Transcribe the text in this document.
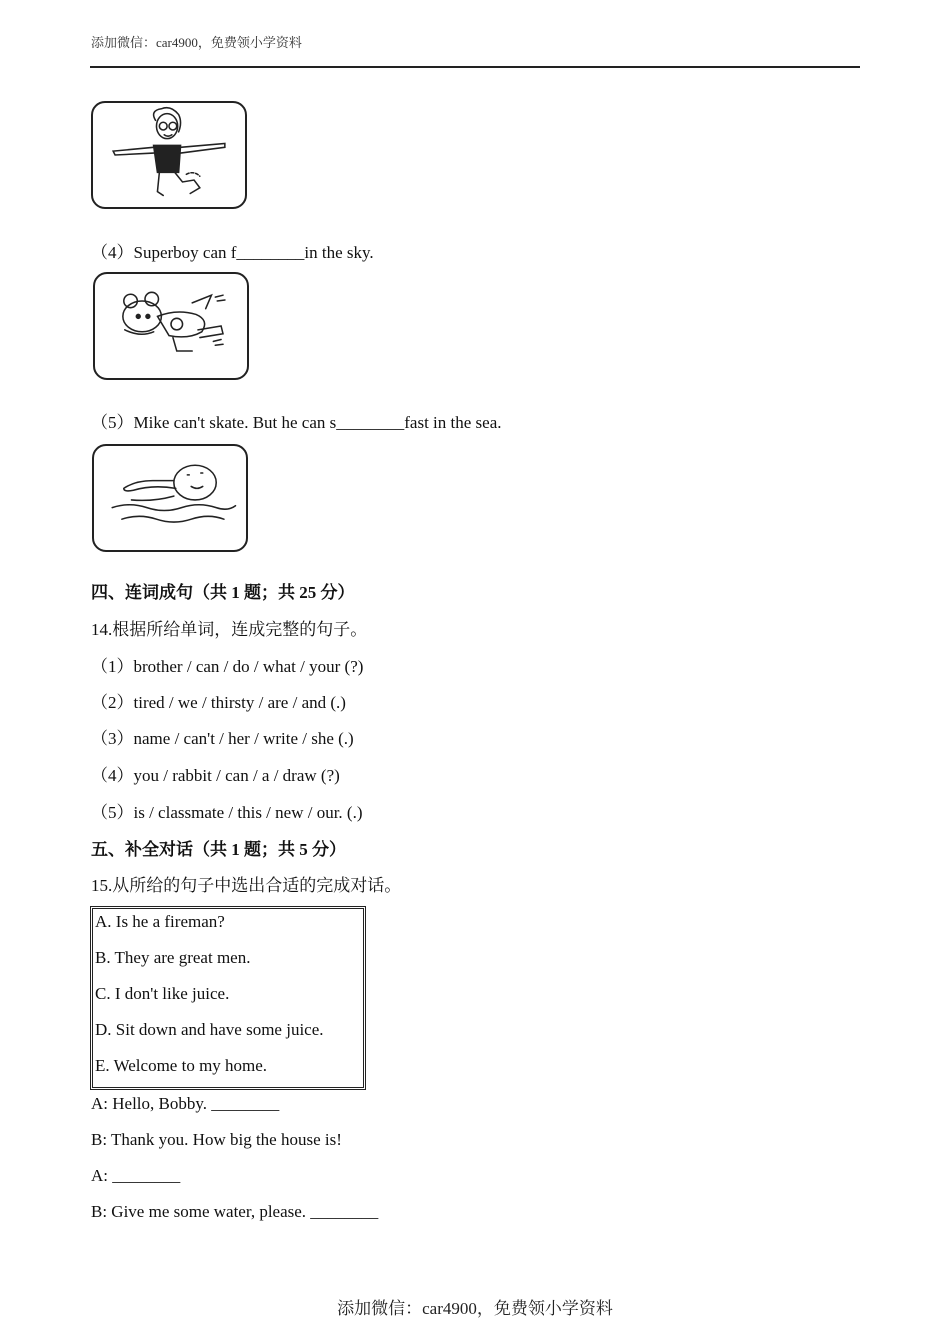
添加微信：car4900，免费领小学资料
（4）Superboy can f________in the sky.
（5）Mike can't skate. But he can s________fast in the sea.
四、连词成句（共 1 题；共 25 分）
14.根据所给单词，连成完整的句子。
（1）brother / can / do / what / your (?)
（2）tired / we / thirsty / are / and (.)
（3）name / can't / her / write / she (.)
（4）you / rabbit / can / a / draw (?)
（5）is / classmate / this / new / our. (.)
五、补全对话（共 1 题；共 5 分）
15.从所给的句子中选出合适的完成对话。
A. Is he a fireman?
B. They are great men.
C. I don't like juice.
D. Sit down and have some juice.
E. Welcome to my home.
A: Hello, Bobby. ________
B: Thank you. How big the house is!
A: ________
B: Give me some water, please. ________
添加微信：car4900，免费领小学资料
